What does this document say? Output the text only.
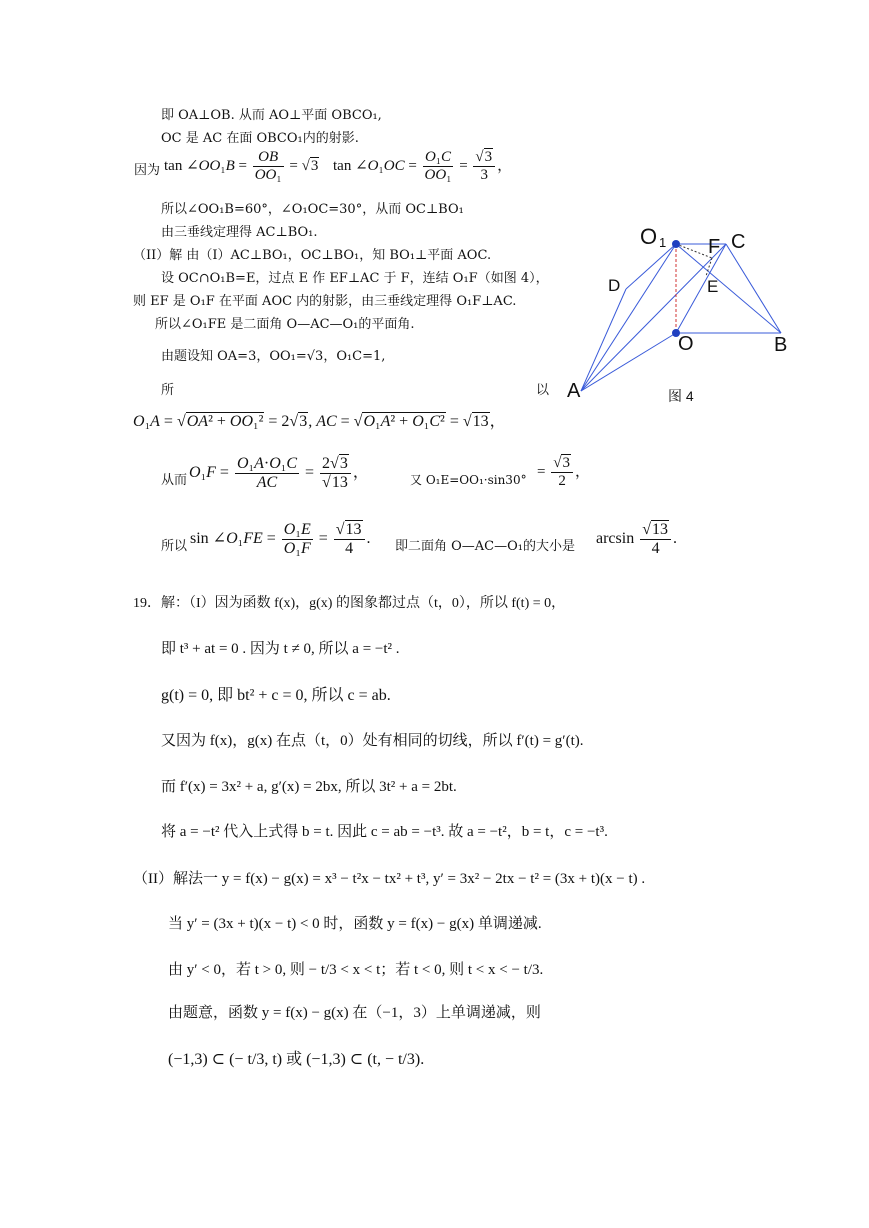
即 OA⊥OB. 从而 AO⊥平面 OBCO₁,
OC 是 AC 在面 OBCO₁内的射影.
因为 tan ∠OO₁B = $\frac{OB}{\text{OO₁}} = √3$ tan ∠O₁OC = $\frac{\text{O₁C}}{\text{OO₁}} = \frac{√3}{3}$ ，
所以∠OO₁B=60°，∠O₁OC=30°，从而 OC⊥BO₁
由三垂线定理得 AC⊥BO₁.
（II）解 由（I）AC⊥BO₁，OC⊥BO₁，知 BO₁⊥平面 AOC.
设 OC∩O₁B=E，过点 E 作 EF⊥AC 于 F，连结 O₁F（如图 4），
则 EF 是 O₁F 在平面 AOC 内的射影，由三垂线定理得 O₁F⊥AC.
所以∠O₁FE 是二面角 O—AC—O₁的平面角.
由题设知 OA=3，OO₁=√3，O₁C=1,
所	以
O₁A = √OA² + OO₁² = 2√3, AC = √O₁A² + O₁C² = √13，
从而 $O_1F = \frac{\text{O₁A·O₁C}}{AC} = \frac{2√3}{√13}$ ，	又 O₁E=OO₁·sin30°
= $\frac{√3}{2}$ ，
所以 sin ∠O₁FE = $\frac{\text{O₁E}}{\text{O₁F}} = \frac{√13}{4}$ . 即二面角 O—AC—O₁的大小是 $\arcsin \frac{√13}{4}$ .
O 1 F C
D	E
O	B
A	图 4
19．解：（I）因为函数 f(x)，g(x) 的图象都过点（t，0），所以 f(t) = 0，
即 t³ + at = 0 . 因为 t ≠ 0, 所以 a = −t² .
g(t) = 0, 即 bt² + c = 0, 所以 c = ab.
又因为 f(x)，g(x) 在点（t，0）处有相同的切线，所以 f′(t) = g′(t).
而 f′(x) = 3x² + a, g′(x) = 2bx, 所以 3t² + a = 2bt.
将 a = −t² 代入上式得 b = t. 因此 c = ab = −t³. 故 a = −t²，b = t，c = −t³.
（II）解法一 y = f(x) − g(x) = x³ − t²x − tx² + t³, y′ = 3x² − 2tx − t² = (3x + t)(x − t) .
当 y′ = (3x + t)(x − t) < 0 时，函数 y = f(x) − g(x) 单调递减.
由 y′ < 0，若 t > 0, 则 − t/3 < x < t；若 t < 0, 则 t < x < − t/3.
由题意，函数 y = f(x) − g(x) 在（−1，3）上单调递减，则
(−1,3) ⊂ (− t/3, t) 或 (−1,3) ⊂ (t, − t/3).
